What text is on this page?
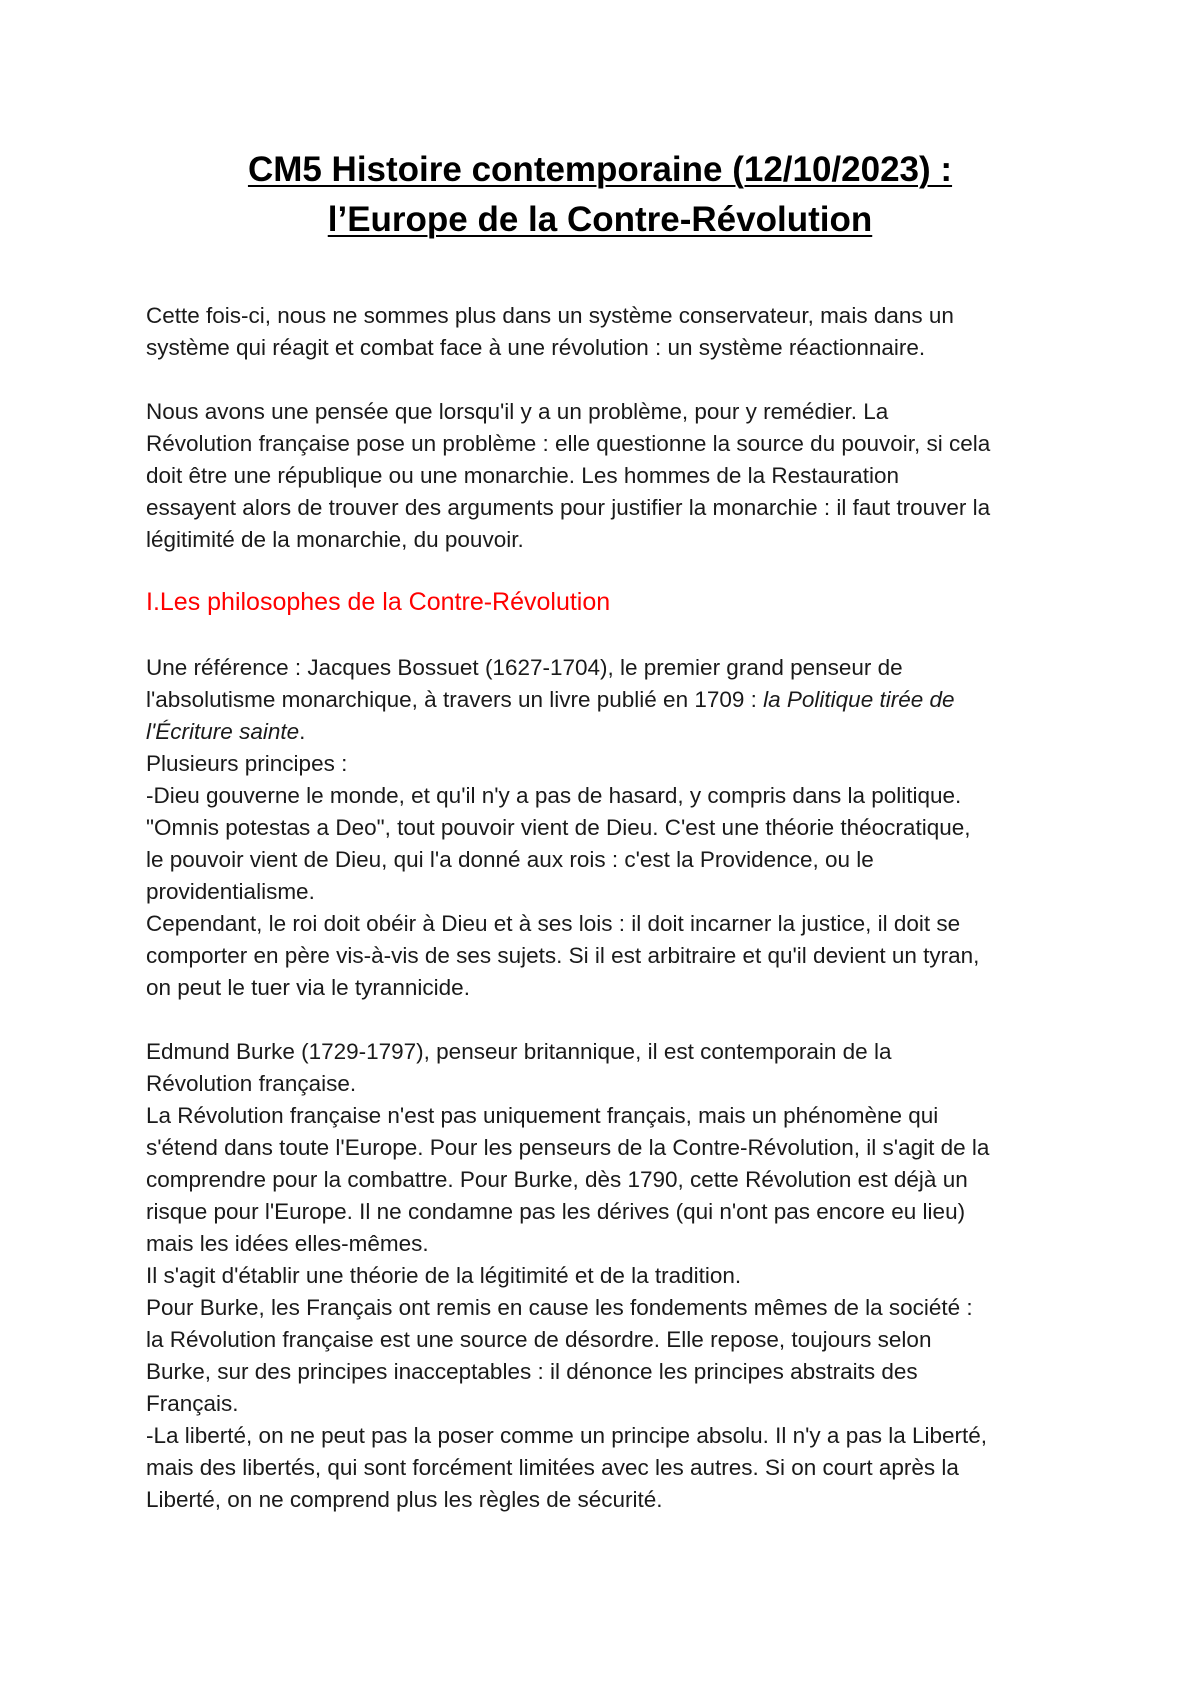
CM5 Histoire contemporaine (12/10/2023) :
l’Europe de la Contre-Révolution

Cette fois-ci, nous ne sommes plus dans un système conservateur, mais dans un
système qui réagit et combat face à une révolution : un système réactionnaire.

Nous avons une pensée que lorsqu'il y a un problème, pour y remédier. La
Révolution française pose un problème : elle questionne la source du pouvoir, si cela
doit être une république ou une monarchie. Les hommes de la Restauration
essayent alors de trouver des arguments pour justifier la monarchie : il faut trouver la
légitimité de la monarchie, du pouvoir.

I.Les philosophes de la Contre-Révolution

Une référence : Jacques Bossuet (1627-1704), le premier grand penseur de
l'absolutisme monarchique, à travers un livre publié en 1709 : la Politique tirée de
l'Écriture sainte.
Plusieurs principes :
-Dieu gouverne le monde, et qu'il n'y a pas de hasard, y compris dans la politique.
"Omnis potestas a Deo", tout pouvoir vient de Dieu. C'est une théorie théocratique,
le pouvoir vient de Dieu, qui l'a donné aux rois : c'est la Providence, ou le
providentialisme.
Cependant, le roi doit obéir à Dieu et à ses lois : il doit incarner la justice, il doit se
comporter en père vis-à-vis de ses sujets. Si il est arbitraire et qu'il devient un tyran,
on peut le tuer via le tyrannicide.

Edmund Burke (1729-1797), penseur britannique, il est contemporain de la
Révolution française.
La Révolution française n'est pas uniquement français, mais un phénomène qui
s'étend dans toute l'Europe. Pour les penseurs de la Contre-Révolution, il s'agit de la
comprendre pour la combattre. Pour Burke, dès 1790, cette Révolution est déjà un
risque pour l'Europe. Il ne condamne pas les dérives (qui n'ont pas encore eu lieu)
mais les idées elles-mêmes.
Il s'agit d'établir une théorie de la légitimité et de la tradition.
Pour Burke, les Français ont remis en cause les fondements mêmes de la société :
la Révolution française est une source de désordre. Elle repose, toujours selon
Burke, sur des principes inacceptables : il dénonce les principes abstraits des
Français.
-La liberté, on ne peut pas la poser comme un principe absolu. Il n'y a pas la Liberté,
mais des libertés, qui sont forcément limitées avec les autres. Si on court après la
Liberté, on ne comprend plus les règles de sécurité.
